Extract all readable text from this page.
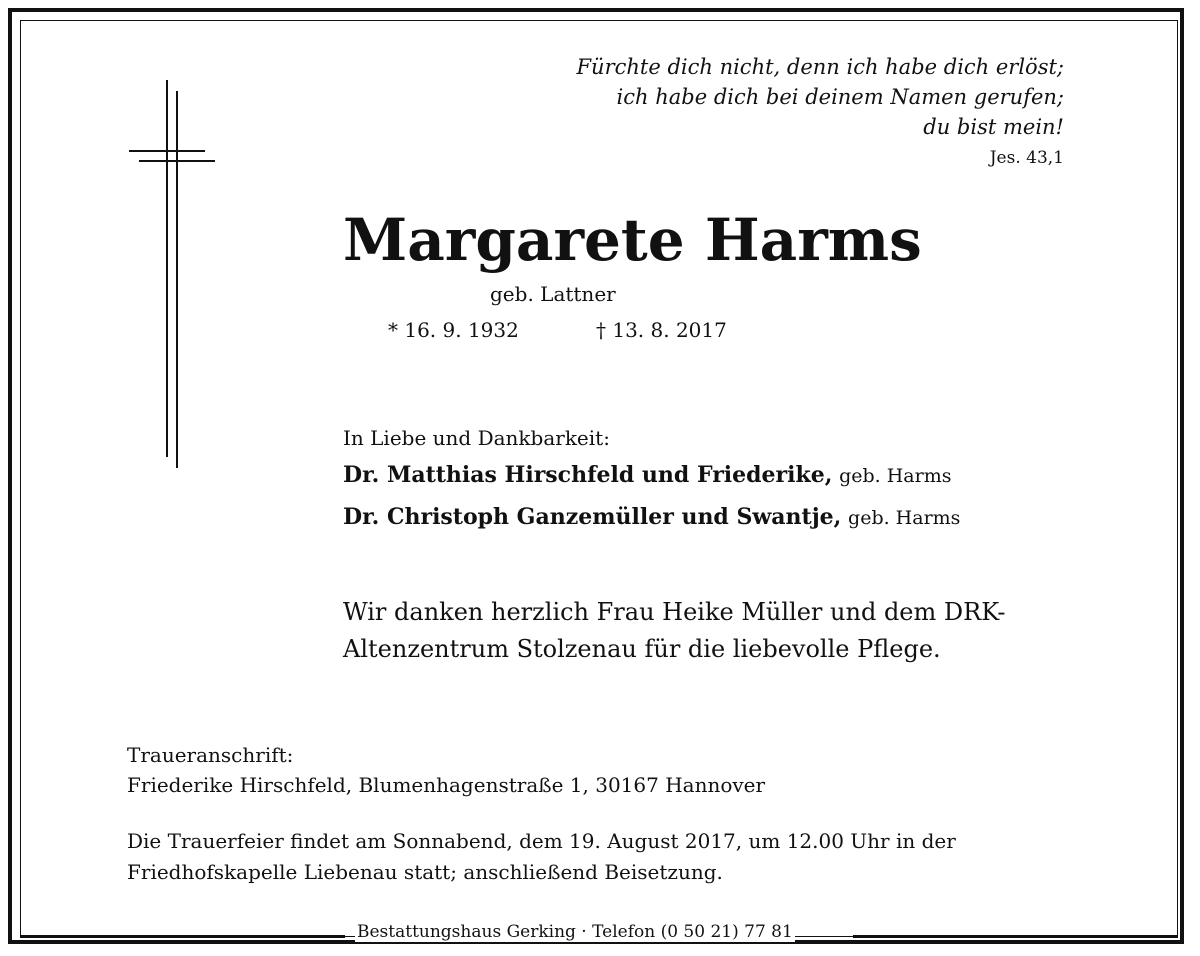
Fürchte dich nicht, denn ich habe dich erlöst;
ich habe dich bei deinem Namen gerufen;
du bist mein!
Jes. 43,1
Margarete Harms
geb. Lattner
* 16. 9. 1932	† 13. 8. 2017
In Liebe und Dankbarkeit:
Dr. Matthias Hirschfeld und Friederike, geb. Harms
Dr. Christoph Ganzemüller und Swantje, geb. Harms
Wir danken herzlich Frau Heike Müller und dem DRK-
Altenzentrum Stolzenau für die liebevolle Pflege.
Traueranschrift:
Friederike Hirschfeld, Blumenhagenstraße 1, 30167 Hannover
Die Trauerfeier findet am Sonnabend, dem 19. August 2017, um 12.00 Uhr in der
Friedhofskapelle Liebenau statt; anschließend Beisetzung.
Bestattungshaus Gerking · Telefon (0 50 21) 77 81
